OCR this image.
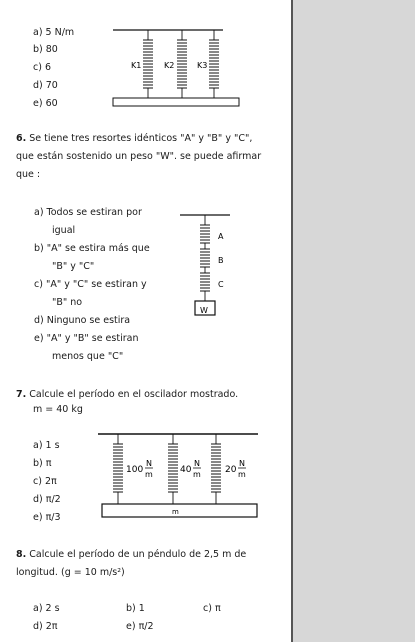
a) 5 N/m
b) 80
c) 6
d) 70
e) 60
K1	K2	K3
6. Se tiene tres resortes idénticos "A" y "B" y "C", que están sostenido un peso "W". se puede afirmar que :
a) Todos se estiran por
igual
b) "A" se estira más que
"B" y "C"
c) "A" y "C" se estiran y
"B" no
d) Ninguno se estira
e) "A" y "B" se estiran
menos que "C"
A
B
C
W
7. Calcule el período en el oscilador mostrado.
m = 40 kg
a) 1 s
b) π
c) 2π
d) π/2
e) π/3	m
100
N
m	40
N
m	20
N
m
8. Calcule el período de un péndulo de 2,5 m de longitud. (g = 10 m/s²)
a) 2 s	b) 1	c) π
d) 2π	e) π/2
